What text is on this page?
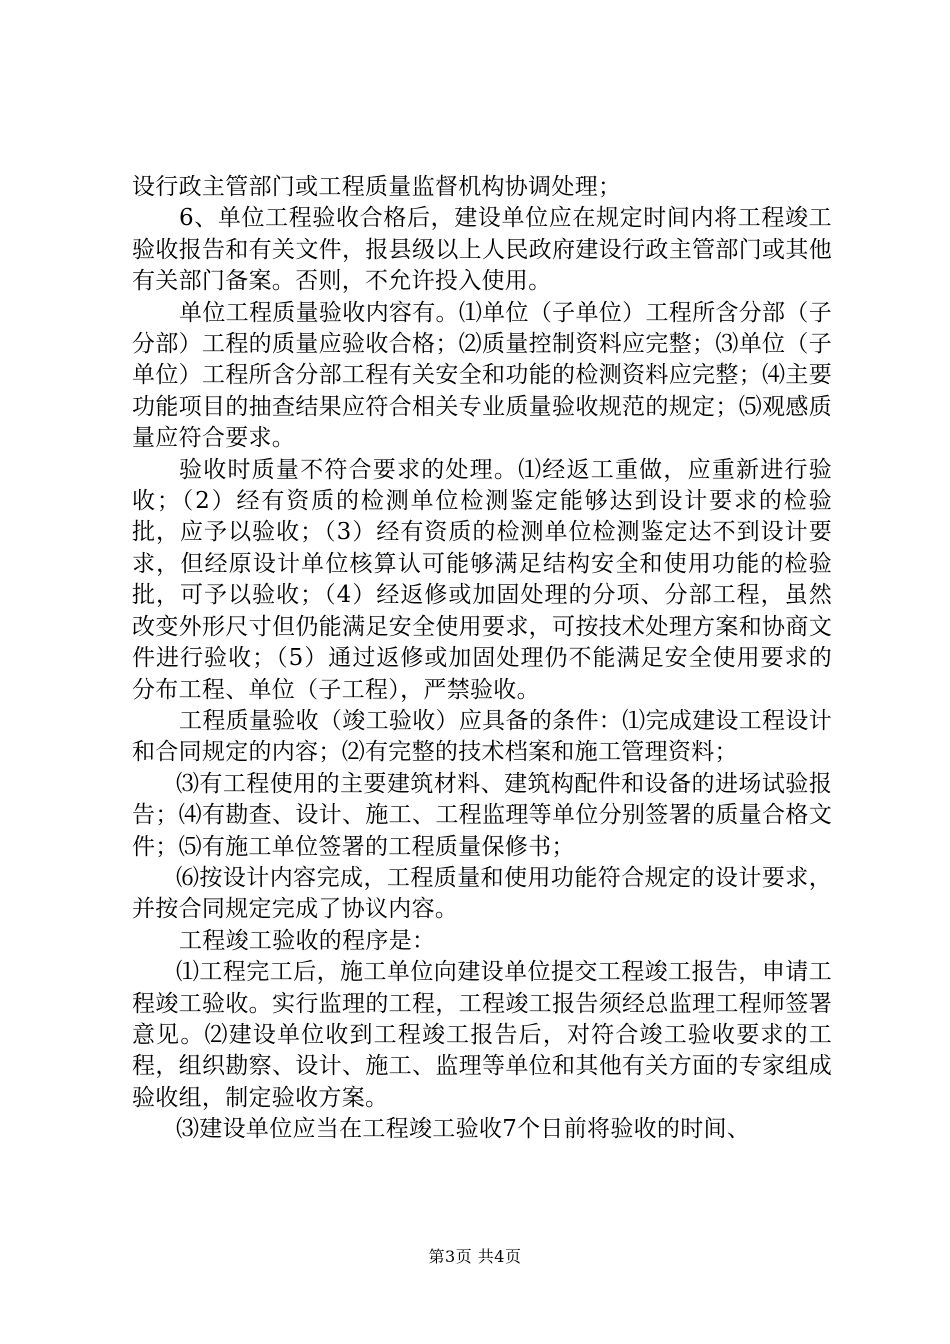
设行政主管部门或工程质量监督机构协调处理；

6、单位工程验收合格后，建设单位应在规定时间内将工程竣工验收报告和有关文件，报县级以上人民政府建设行政主管部门或其他有关部门备案。否则，不允许投入使用。

单位工程质量验收内容有。⑴单位（子单位）工程所含分部（子分部）工程的质量应验收合格；⑵质量控制资料应完整；⑶单位（子单位）工程所含分部工程有关安全和功能的检测资料应完整；⑷主要功能项目的抽查结果应符合相关专业质量验收规范的规定；⑸观感质量应符合要求。

验收时质量不符合要求的处理。⑴经返工重做，应重新进行验收；（2）经有资质的检测单位检测鉴定能够达到设计要求的检验批，应予以验收；（3）经有资质的检测单位检测鉴定达不到设计要求，但经原设计单位核算认可能够满足结构安全和使用功能的检验批，可予以验收；（4）经返修或加固处理的分项、分部工程，虽然改变外形尺寸但仍能满足安全使用要求，可按技术处理方案和协商文件进行验收；（5）通过返修或加固处理仍不能满足安全使用要求的分布工程、单位（子工程），严禁验收。

工程质量验收（竣工验收）应具备的条件：⑴完成建设工程设计和合同规定的内容；⑵有完整的技术档案和施工管理资料；

⑶有工程使用的主要建筑材料、建筑构配件和设备的进场试验报告；⑷有勘查、设计、施工、工程监理等单位分别签署的质量合格文件；⑸有施工单位签署的工程质量保修书；

⑹按设计内容完成，工程质量和使用功能符合规定的设计要求，并按合同规定完成了协议内容。

工程竣工验收的程序是：

⑴工程完工后，施工单位向建设单位提交工程竣工报告，申请工程竣工验收。实行监理的工程，工程竣工报告须经总监理工程师签署意见。⑵建设单位收到工程竣工报告后，对符合竣工验收要求的工程，组织勘察、设计、施工、监理等单位和其他有关方面的专家组成验收组，制定验收方案。

⑶建设单位应当在工程竣工验收7个日前将验收的时间、

第3页 共4页
